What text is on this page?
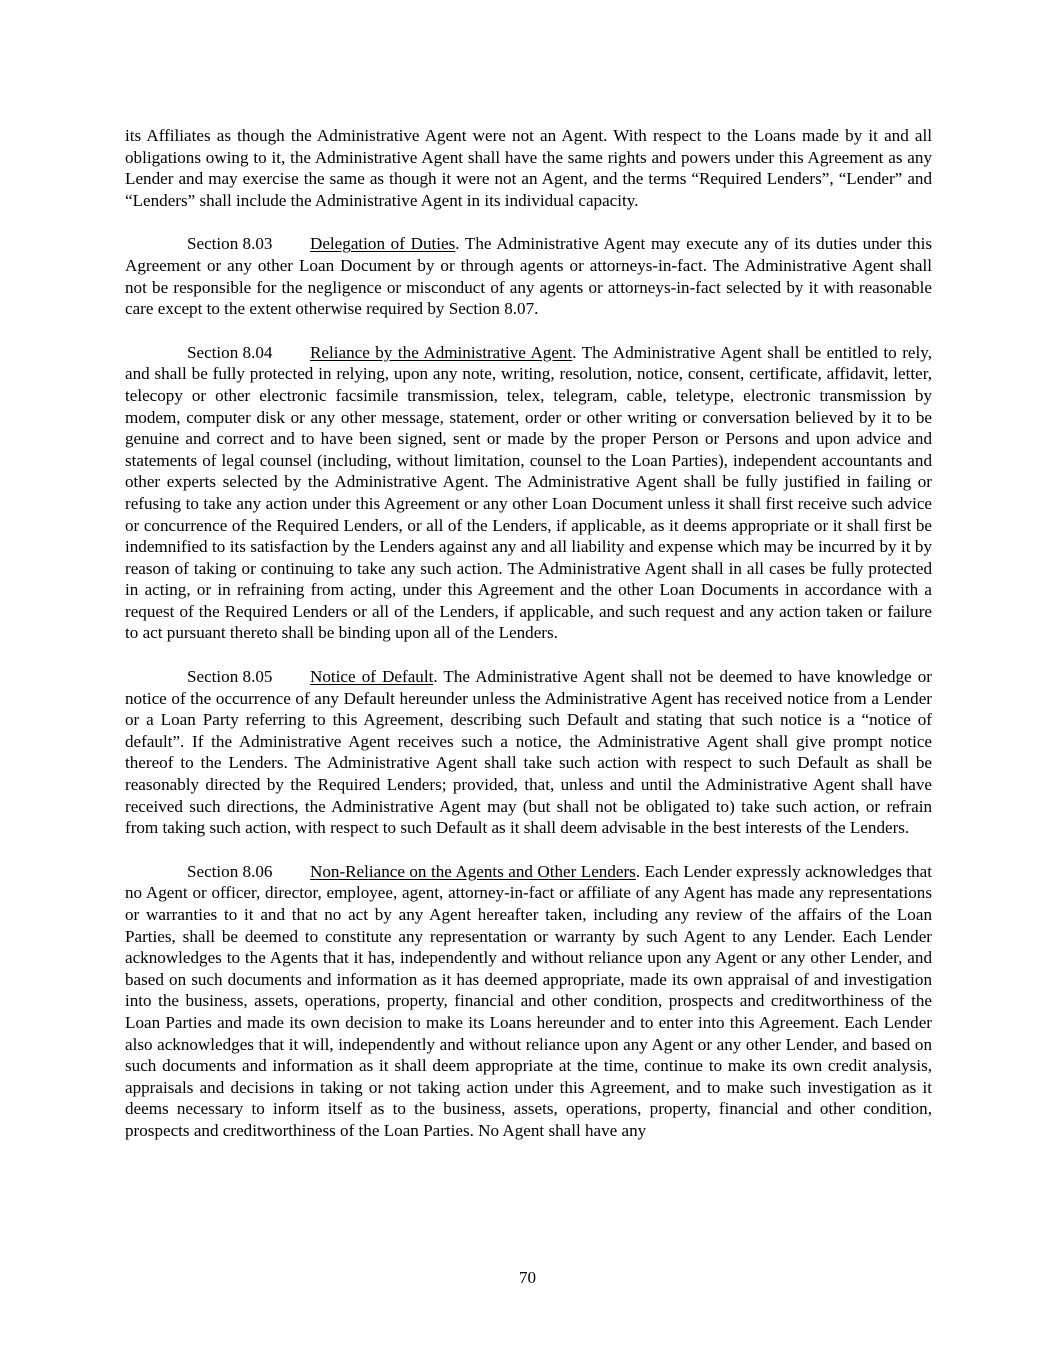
its Affiliates as though the Administrative Agent were not an Agent. With respect to the Loans made by it and all obligations owing to it, the Administrative Agent shall have the same rights and powers under this Agreement as any Lender and may exercise the same as though it were not an Agent, and the terms “Required Lenders”, “Lender” and “Lenders” shall include the Administrative Agent in its individual capacity.

Section 8.03 Delegation of Duties. The Administrative Agent may execute any of its duties under this Agreement or any other Loan Document by or through agents or attorneys-in-fact. The Administrative Agent shall not be responsible for the negligence or misconduct of any agents or attorneys-in-fact selected by it with reasonable care except to the extent otherwise required by Section 8.07.

Section 8.04 Reliance by the Administrative Agent. The Administrative Agent shall be entitled to rely, and shall be fully protected in relying, upon any note, writing, resolution, notice, consent, certificate, affidavit, letter, telecopy or other electronic facsimile transmission, telex, telegram, cable, teletype, electronic transmission by modem, computer disk or any other message, statement, order or other writing or conversation believed by it to be genuine and correct and to have been signed, sent or made by the proper Person or Persons and upon advice and statements of legal counsel (including, without limitation, counsel to the Loan Parties), independent accountants and other experts selected by the Administrative Agent. The Administrative Agent shall be fully justified in failing or refusing to take any action under this Agreement or any other Loan Document unless it shall first receive such advice or concurrence of the Required Lenders, or all of the Lenders, if applicable, as it deems appropriate or it shall first be indemnified to its satisfaction by the Lenders against any and all liability and expense which may be incurred by it by reason of taking or continuing to take any such action. The Administrative Agent shall in all cases be fully protected in acting, or in refraining from acting, under this Agreement and the other Loan Documents in accordance with a request of the Required Lenders or all of the Lenders, if applicable, and such request and any action taken or failure to act pursuant thereto shall be binding upon all of the Lenders.

Section 8.05 Notice of Default. The Administrative Agent shall not be deemed to have knowledge or notice of the occurrence of any Default hereunder unless the Administrative Agent has received notice from a Lender or a Loan Party referring to this Agreement, describing such Default and stating that such notice is a “notice of default”. If the Administrative Agent receives such a notice, the Administrative Agent shall give prompt notice thereof to the Lenders. The Administrative Agent shall take such action with respect to such Default as shall be reasonably directed by the Required Lenders; provided, that, unless and until the Administrative Agent shall have received such directions, the Administrative Agent may (but shall not be obligated to) take such action, or refrain from taking such action, with respect to such Default as it shall deem advisable in the best interests of the Lenders.

Section 8.06 Non-Reliance on the Agents and Other Lenders. Each Lender expressly acknowledges that no Agent or officer, director, employee, agent, attorney-in-fact or affiliate of any Agent has made any representations or warranties to it and that no act by any Agent hereafter taken, including any review of the affairs of the Loan Parties, shall be deemed to constitute any representation or warranty by such Agent to any Lender. Each Lender acknowledges to the Agents that it has, independently and without reliance upon any Agent or any other Lender, and based on such documents and information as it has deemed appropriate, made its own appraisal of and investigation into the business, assets, operations, property, financial and other condition, prospects and creditworthiness of the Loan Parties and made its own decision to make its Loans hereunder and to enter into this Agreement. Each Lender also acknowledges that it will, independently and without reliance upon any Agent or any other Lender, and based on such documents and information as it shall deem appropriate at the time, continue to make its own credit analysis, appraisals and decisions in taking or not taking action under this Agreement, and to make such investigation as it deems necessary to inform itself as to the business, assets, operations, property, financial and other condition, prospects and creditworthiness of the Loan Parties. No Agent shall have any

70
